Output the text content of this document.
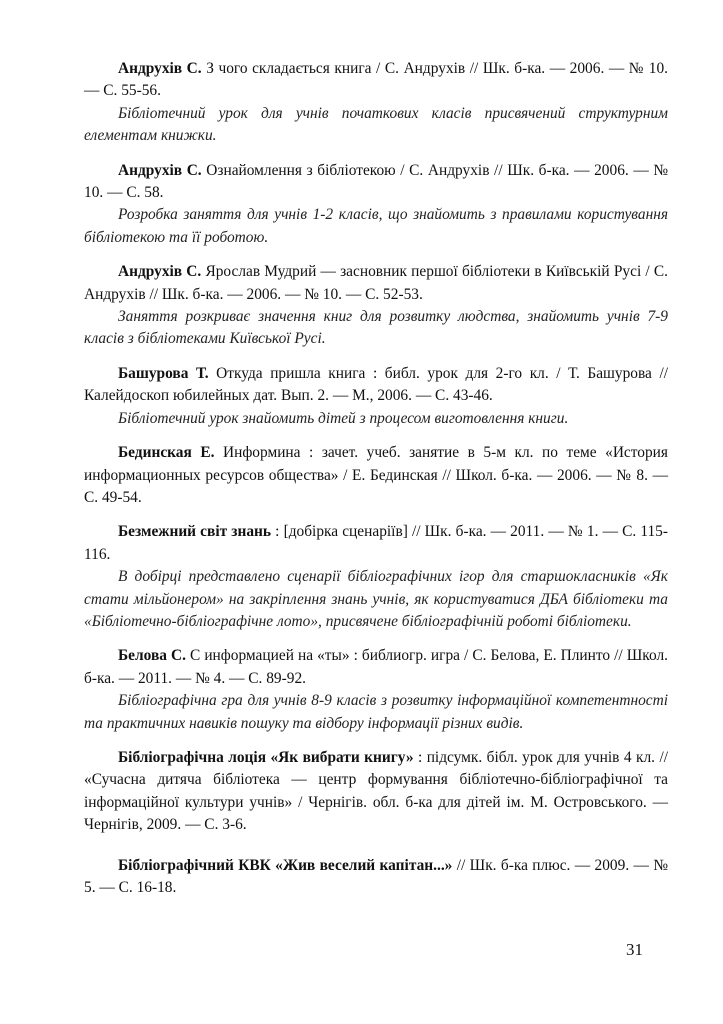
Андрухів С. З чого складається книга / С. Андрухів // Шк. б-ка. — 2006. — № 10. — С. 55-56.
Бібліотечний урок для учнів початкових класів присвячений структурним елементам книжки.
Андрухів С. Ознайомлення з бібліотекою / С. Андрухів // Шк. б-ка. — 2006. — № 10. — С. 58.
Розробка заняття для учнів 1-2 класів, що знайомить з правилами користування бібліотекою та її роботою.
Андрухів С. Ярослав Мудрий — засновник першої бібліотеки в Київській Русі / С. Андрухів // Шк. б-ка. — 2006. — № 10. — С. 52-53.
Заняття розкриває значення книг для розвитку людства, знайомить учнів 7-9 класів з бібліотеками Київської Русі.
Башурова Т. Откуда пришла книга : библ. урок для 2-го кл. / Т. Башурова // Калейдоскоп юбилейных дат. Вып. 2. — М., 2006. — С. 43-46.
Бібліотечний урок знайомить дітей з процесом виготовлення книги.
Бединская Е. Информина : зачет. учеб. занятие в 5-м кл. по теме «История информационных ресурсов общества» / Е. Бединская // Школ. б-ка. — 2006. — № 8. — С. 49-54.
Безмежний світ знань : [добірка сценаріїв] // Шк. б-ка. — 2011. — № 1. — С. 115-116.
В добірці представлено сценарії бібліографічних ігор для старшокласників «Як стати мільйонером» на закріплення знань учнів, як користуватися ДБА бібліотеки та «Бібліотечно-бібліографічне лото», присвячене бібліографічній роботі бібліотеки.
Белова С. С информацией на «ты» : библиогр. игра / С. Белова, Е. Плинто // Школ. б-ка. — 2011. — № 4. — С. 89-92.
Бібліографічна гра для учнів 8-9 класів з розвитку інформаційної компетентності та практичних навиків пошуку та відбору інформації різних видів.
Бібліографічна лоція «Як вибрати книгу» : підсумк. бібл. урок для учнів 4 кл. // «Сучасна дитяча бібліотека — центр формування бібліотечно-бібліографічної та інформаційної культури учнів» / Чернігів. обл. б-ка для дітей ім. М. Островського. — Чернігів, 2009. — С. 3-6.
Бібліографічний КВК «Жив веселий капітан...» // Шк. б-ка плюс. — 2009. — № 5. — С. 16-18.
31
